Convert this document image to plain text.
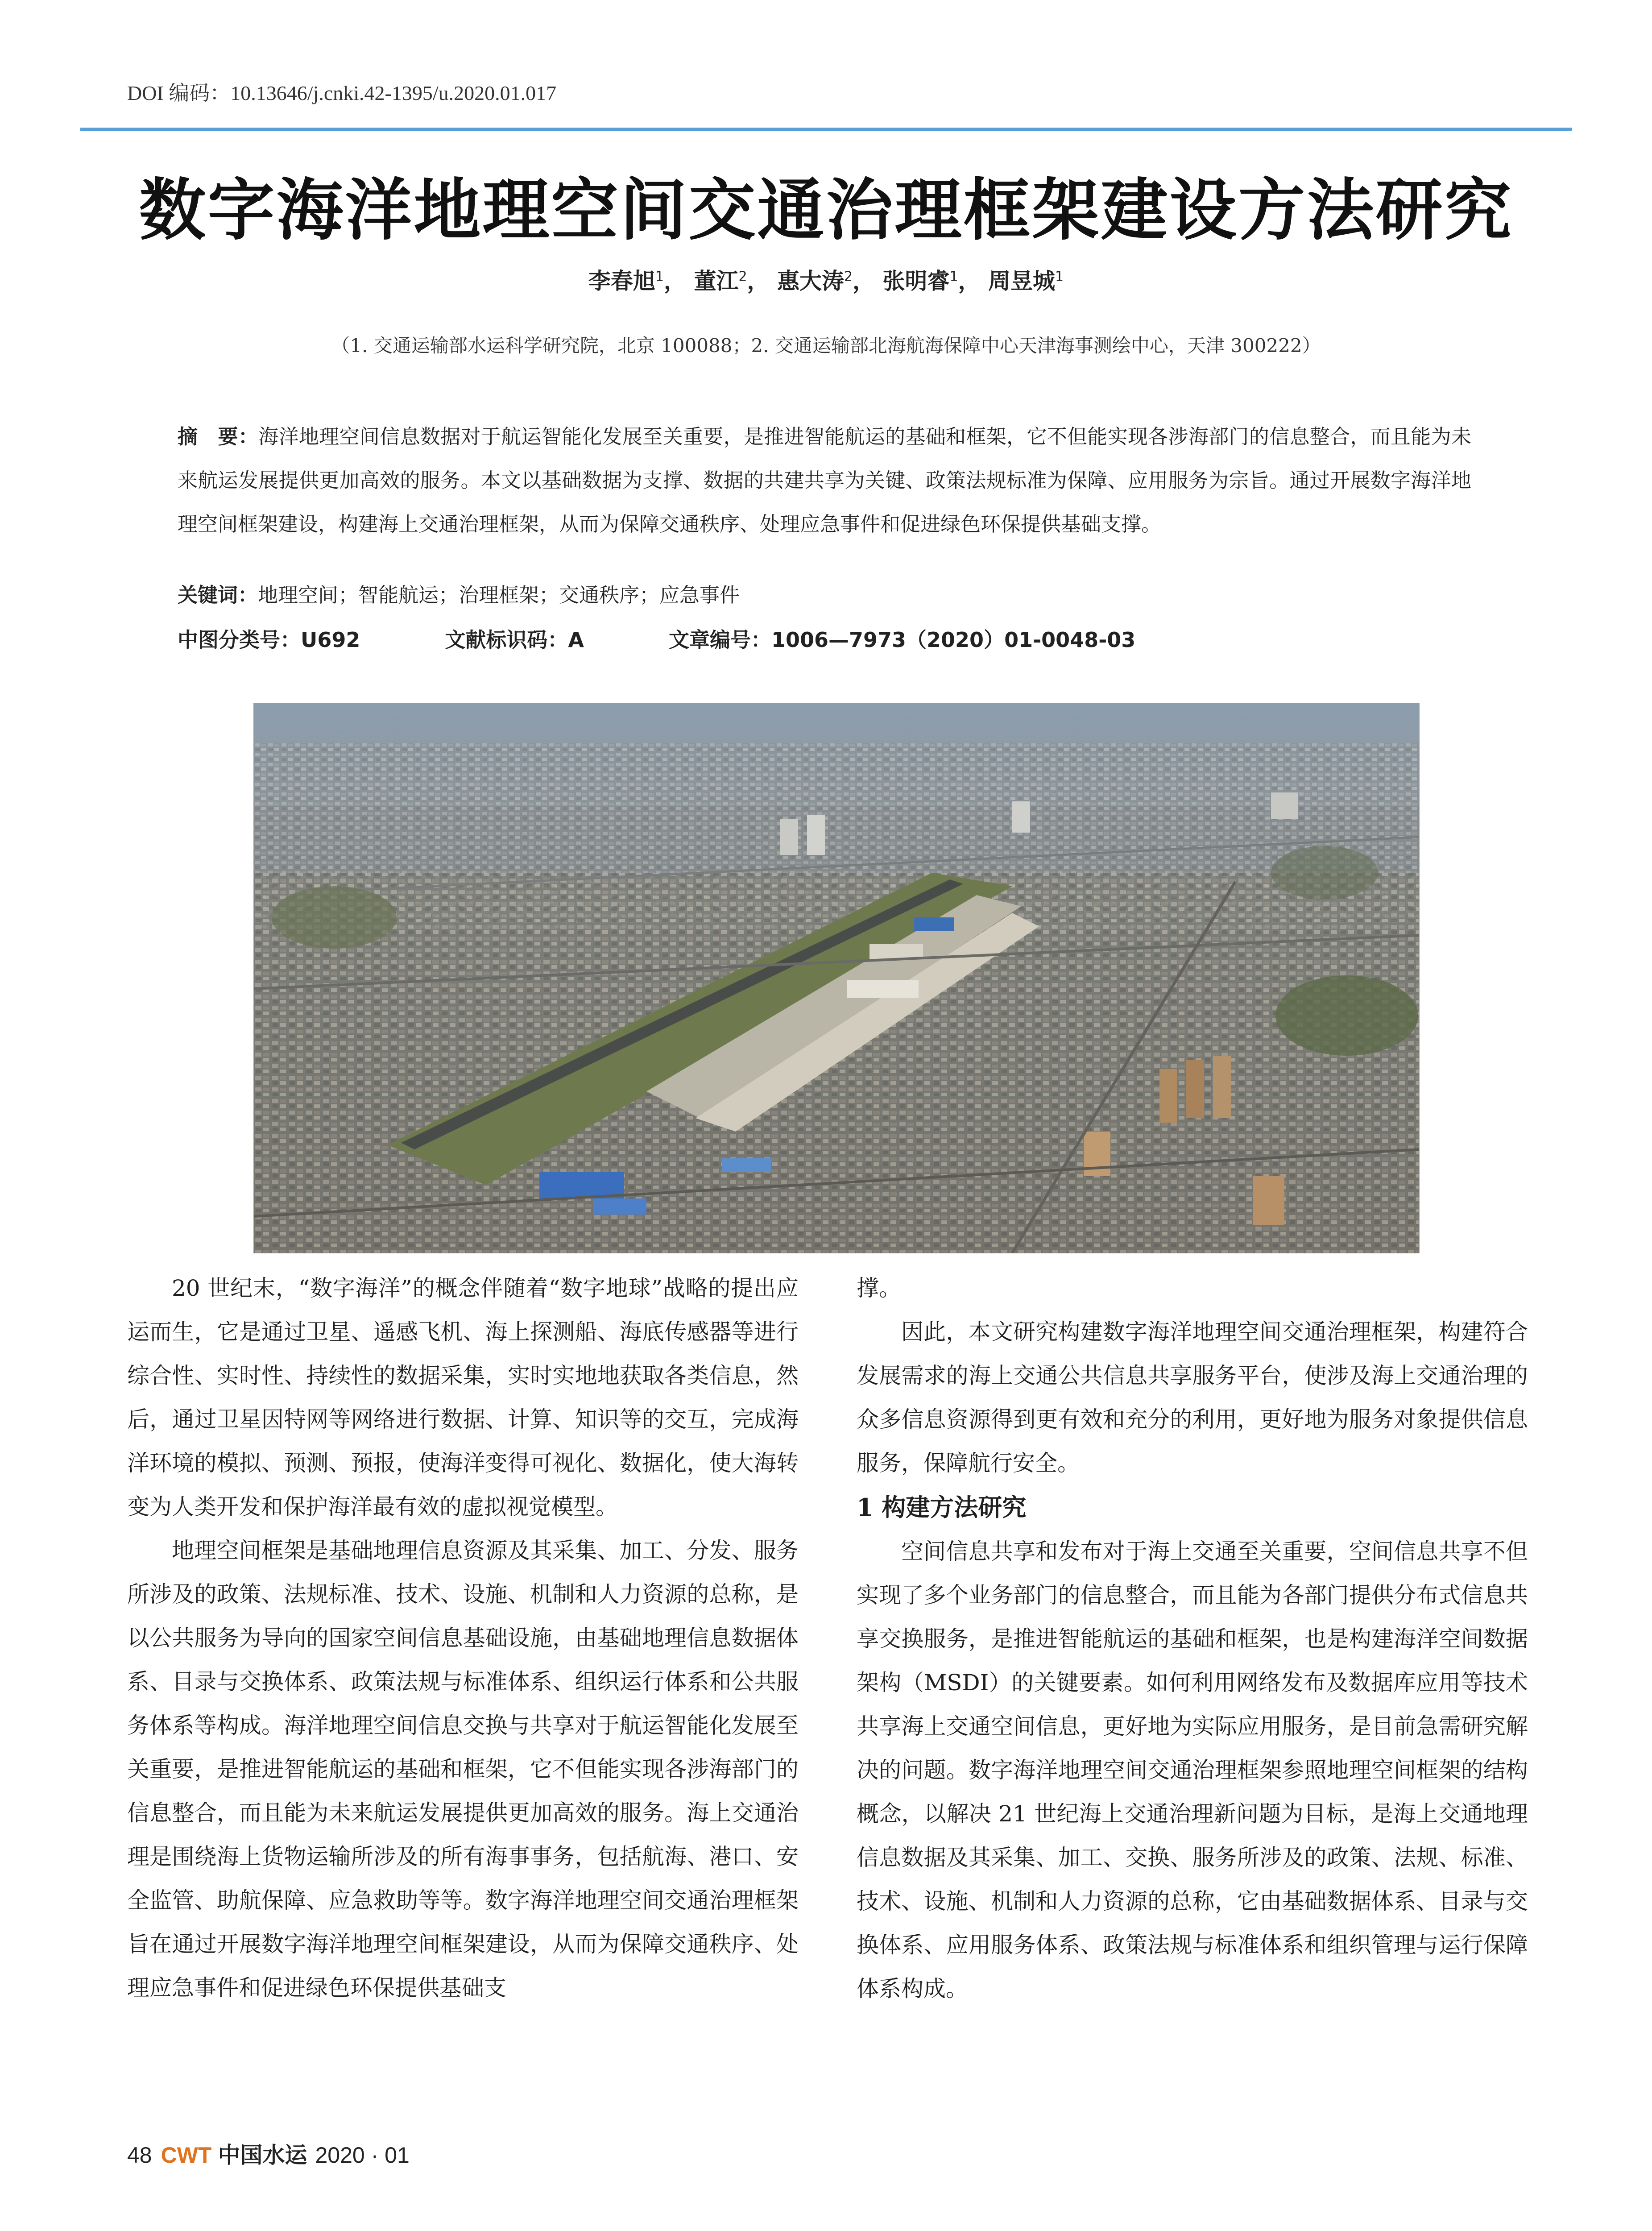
DOI 编码：10.13646/j.cnki.42-1395/u.2020.01.017
数字海洋地理空间交通治理框架建设方法研究
李春旭$^1$， 董江$^2$， 惠大涛$^2$， 张明睿$^1$， 周昱城$^1$
（1. 交通运输部水运科学研究院，北京 100088；2. 交通运输部北海航海保障中心天津海事测绘中心，天津 300222）
摘　要：海洋地理空间信息数据对于航运智能化发展至关重要，是推进智能航运的基础和框架，它不但能实现各涉海部门的信息整合，而且能为未来航运发展提供更加高效的服务。本文以基础数据为支撑、数据的共建共享为关键、政策法规标准为保障、应用服务为宗旨。通过开展数字海洋地理空间框架建设，构建海上交通治理框架，从而为保障交通秩序、处理应急事件和促进绿色环保提供基础支撑。
关键词：地理空间；智能航运；治理框架；交通秩序；应急事件
中图分类号：U692	文献标识码：A	文章编号：1006—7973（2020）01-0048-03

20 世纪末，“数字海洋”的概念伴随着“数字地球”战略的提出应运而生，它是通过卫星、遥感飞机、海上探测船、海底传感器等进行综合性、实时性、持续性的数据采集，实时实地地获取各类信息，然后，通过卫星因特网等网络进行数据、计算、知识等的交互，完成海洋环境的模拟、预测、预报，使海洋变得可视化、数据化，使大海转变为人类开发和保护海洋最有效的虚拟视觉模型。

地理空间框架是基础地理信息资源及其采集、加工、分发、服务所涉及的政策、法规标准、技术、设施、机制和人力资源的总称，是以公共服务为导向的国家空间信息基础设施，由基础地理信息数据体系、目录与交换体系、政策法规与标准体系、组织运行体系和公共服务体系等构成。海洋地理空间信息交换与共享对于航运智能化发展至关重要，是推进智能航运的基础和框架，它不但能实现各涉海部门的信息整合，而且能为未来航运发展提供更加高效的服务。海上交通治理是围绕海上货物运输所涉及的所有海事事务，包括航海、港口、安全监管、助航保障、应急救助等等。数字海洋地理空间交通治理框架旨在通过开展数字海洋地理空间框架建设，从而为保障交通秩序、处理应急事件和促进绿色环保提供基础支

撑。

因此，本文研究构建数字海洋地理空间交通治理框架，构建符合发展需求的海上交通公共信息共享服务平台，使涉及海上交通治理的众多信息资源得到更有效和充分的利用，更好地为服务对象提供信息服务，保障航行安全。

1 构建方法研究

空间信息共享和发布对于海上交通至关重要，空间信息共享不但实现了多个业务部门的信息整合，而且能为各部门提供分布式信息共享交换服务，是推进智能航运的基础和框架，也是构建海洋空间数据架构（MSDI）的关键要素。如何利用网络发布及数据库应用等技术共享海上交通空间信息，更好地为实际应用服务，是目前急需研究解决的问题。数字海洋地理空间交通治理框架参照地理空间框架的结构概念，以解决 21 世纪海上交通治理新问题为目标，是海上交通地理信息数据及其采集、加工、交换、服务所涉及的政策、法规、标准、技术、设施、机制和人力资源的总称，它由基础数据体系、目录与交换体系、应用服务体系、政策法规与标准体系和组织管理与运行保障体系构成。

48 CWT 中国水运 2020 · 01
